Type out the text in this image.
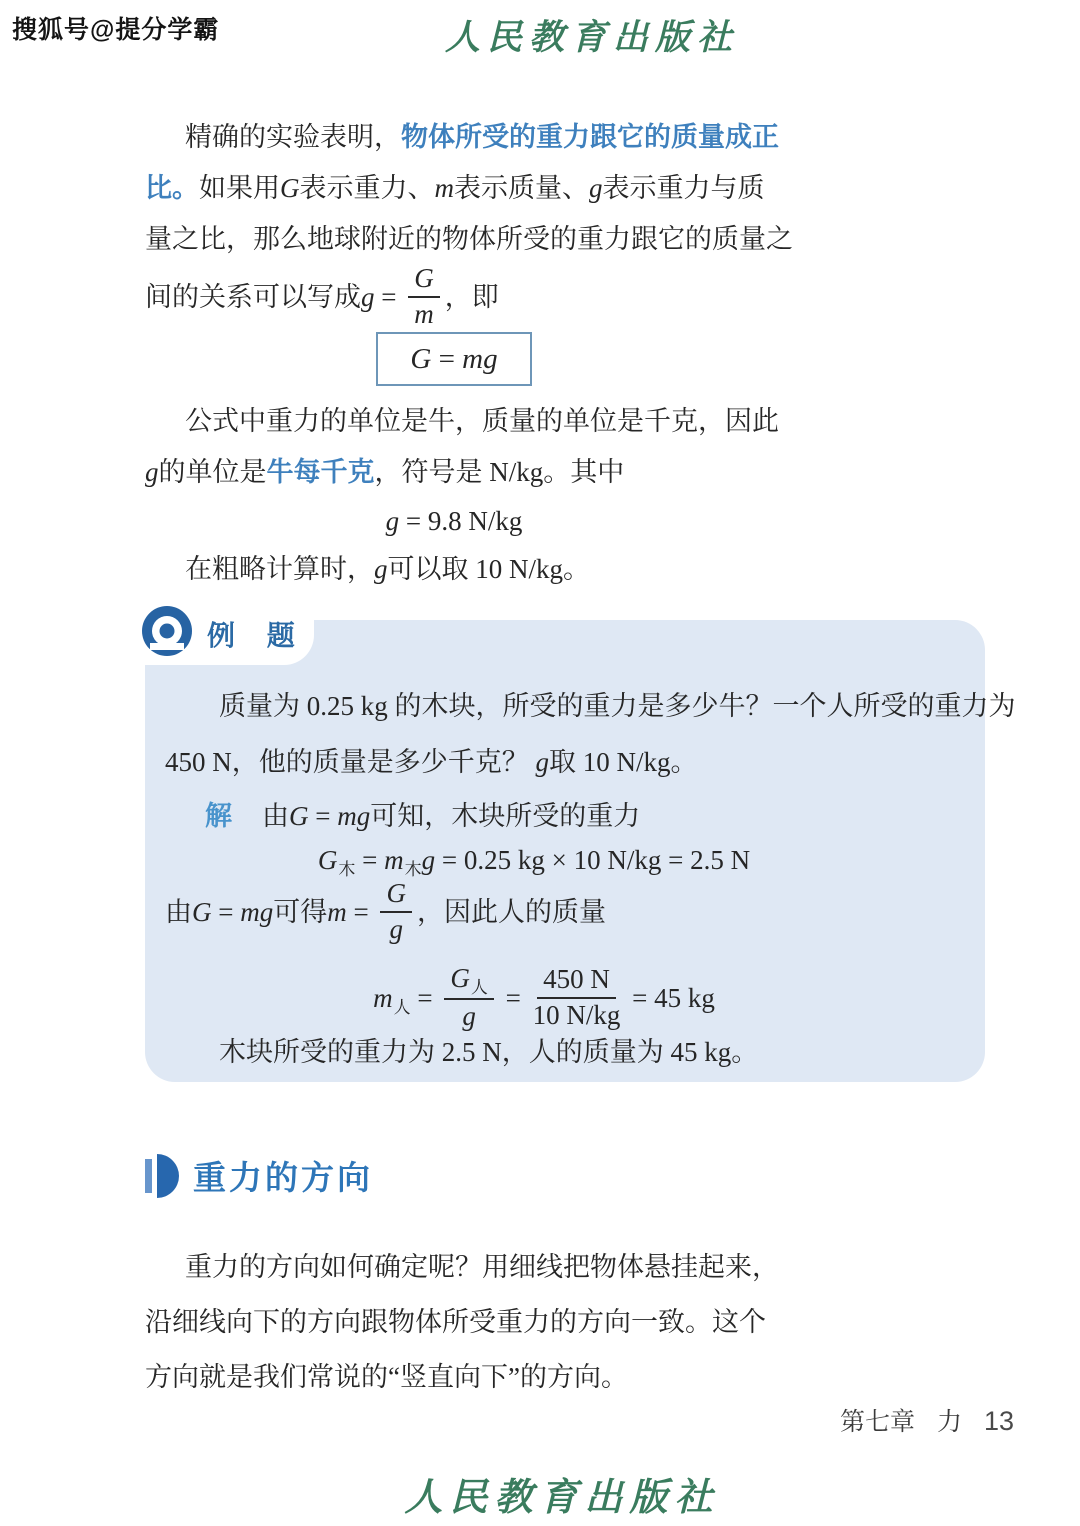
搜狐号@提分学霸	人民教育出版社
精确的实验表明，物体所受的重力跟它的质量成正
比。如果用G表示重力、m表示质量、g表示重力与质
量之比，那么地球附近的物体所受的重力跟它的质量之
间的关系可以写成$g = \frac{G}{m}$ ，即
G = mg
公式中重力的单位是牛，质量的单位是千克，因此
g的单位是牛每千克，符号是 N/kg。其中
g = 9.8 N/kg
在粗略计算时，g可以取 10 N/kg。
例 题
质量为 0.25 kg 的木块，所受的重力是多少牛？一个人所受的重力为
450 N，他的质量是多少千克？ g取 10 N/kg。
解 由G = mg可知，木块所受的重力
$G_木 = m_木g = 0.25$ kg × 10 N/kg = 2.5 N
由G = mg可得$m = \frac{G}{g}$ ，因此人的质量
$m_人 = \frac{G_人}{g} = \frac{450 N}{10 N/kg} = 45$ kg
木块所受的重力为 2.5 N，人的质量为 45 kg。
重力的方向
重力的方向如何确定呢？用细线把物体悬挂起来，
沿细线向下的方向跟物体所受重力的方向一致。这个
方向就是我们常说的“竖直向下”的方向。
第七章 力 13
人民教育出版社
